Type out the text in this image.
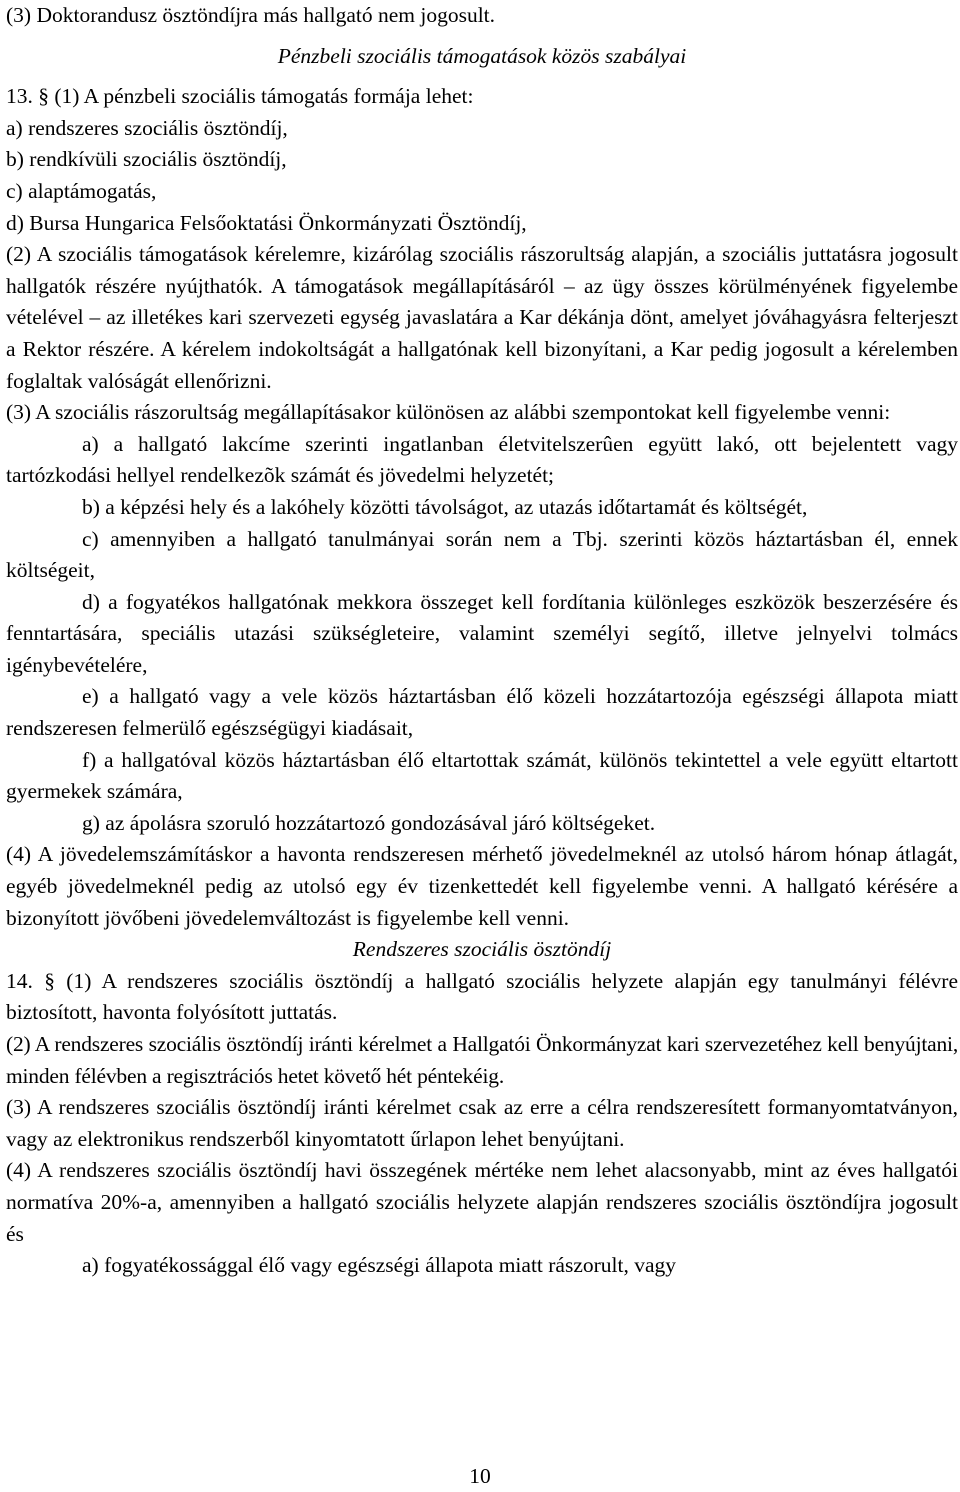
(3) Doktorandusz ösztöndíjra más hallgató nem jogosult.

Pénzbeli szociális támogatások közös szabályai

13. § (1) A pénzbeli szociális támogatás formája lehet:

a) rendszeres szociális ösztöndíj,

b) rendkívüli szociális ösztöndíj,

c) alaptámogatás,

d) Bursa Hungarica Felsőoktatási Önkormányzati Ösztöndíj,

(2) A szociális támogatások kérelemre, kizárólag szociális rászorultság alapján, a szociális juttatásra jogosult hallgatók részére nyújthatók. A támogatások megállapításáról – az ügy összes körülményének figyelembe vételével – az illetékes kari szervezeti egység javaslatára a Kar dékánja dönt, amelyet jóváhagyásra felterjeszt a Rektor részére. A kérelem indokoltságát a hallgatónak kell bizonyítani, a Kar pedig jogosult a kérelemben foglaltak valóságát ellenőrizni.

(3) A szociális rászorultság megállapításakor különösen az alábbi szempontokat kell figyelembe venni:

a) a hallgató lakcíme szerinti ingatlanban életvitelszerûen együtt lakó, ott bejelentett vagy tartózkodási hellyel rendelkezõk számát és jövedelmi helyzetét;

b) a képzési hely és a lakóhely közötti távolságot, az utazás időtartamát és költségét,

c) amennyiben a hallgató tanulmányai során nem a Tbj. szerinti közös háztartásban él, ennek költségeit,

d) a fogyatékos hallgatónak mekkora összeget kell fordítania különleges eszközök beszerzésére és fenntartására, speciális utazási szükségleteire, valamint személyi segítő, illetve jelnyelvi tolmács igénybevételére,

e) a hallgató vagy a vele közös háztartásban élő közeli hozzátartozója egészségi állapota miatt rendszeresen felmerülő egészségügyi kiadásait,

f) a hallgatóval közös háztartásban élő eltartottak számát, különös tekintettel a vele együtt eltartott gyermekek számára,

g) az ápolásra szoruló hozzátartozó gondozásával járó költségeket.

(4) A jövedelemszámításkor a havonta rendszeresen mérhető jövedelmeknél az utolsó három hónap átlagát, egyéb jövedelmeknél pedig az utolsó egy év tizenkettedét kell figyelembe venni. A hallgató kérésére a bizonyított jövőbeni jövedelemváltozást is figyelembe kell venni.

Rendszeres szociális ösztöndíj

14. § (1) A rendszeres szociális ösztöndíj a hallgató szociális helyzete alapján egy tanulmányi félévre biztosított, havonta folyósított juttatás.

(2) A rendszeres szociális ösztöndíj iránti kérelmet a Hallgatói Önkormányzat kari szervezetéhez kell benyújtani, minden félévben a regisztrációs hetet követő hét péntekéig.

(3) A rendszeres szociális ösztöndíj iránti kérelmet csak az erre a célra rendszeresített formanyomtatványon, vagy az elektronikus rendszerből kinyomtatott űrlapon lehet benyújtani.

(4) A rendszeres szociális ösztöndíj havi összegének mértéke nem lehet alacsonyabb, mint az éves hallgatói normatíva 20%-a, amennyiben a hallgató szociális helyzete alapján rendszeres szociális ösztöndíjra jogosult és

a) fogyatékossággal élő vagy egészségi állapota miatt rászorult, vagy

10
